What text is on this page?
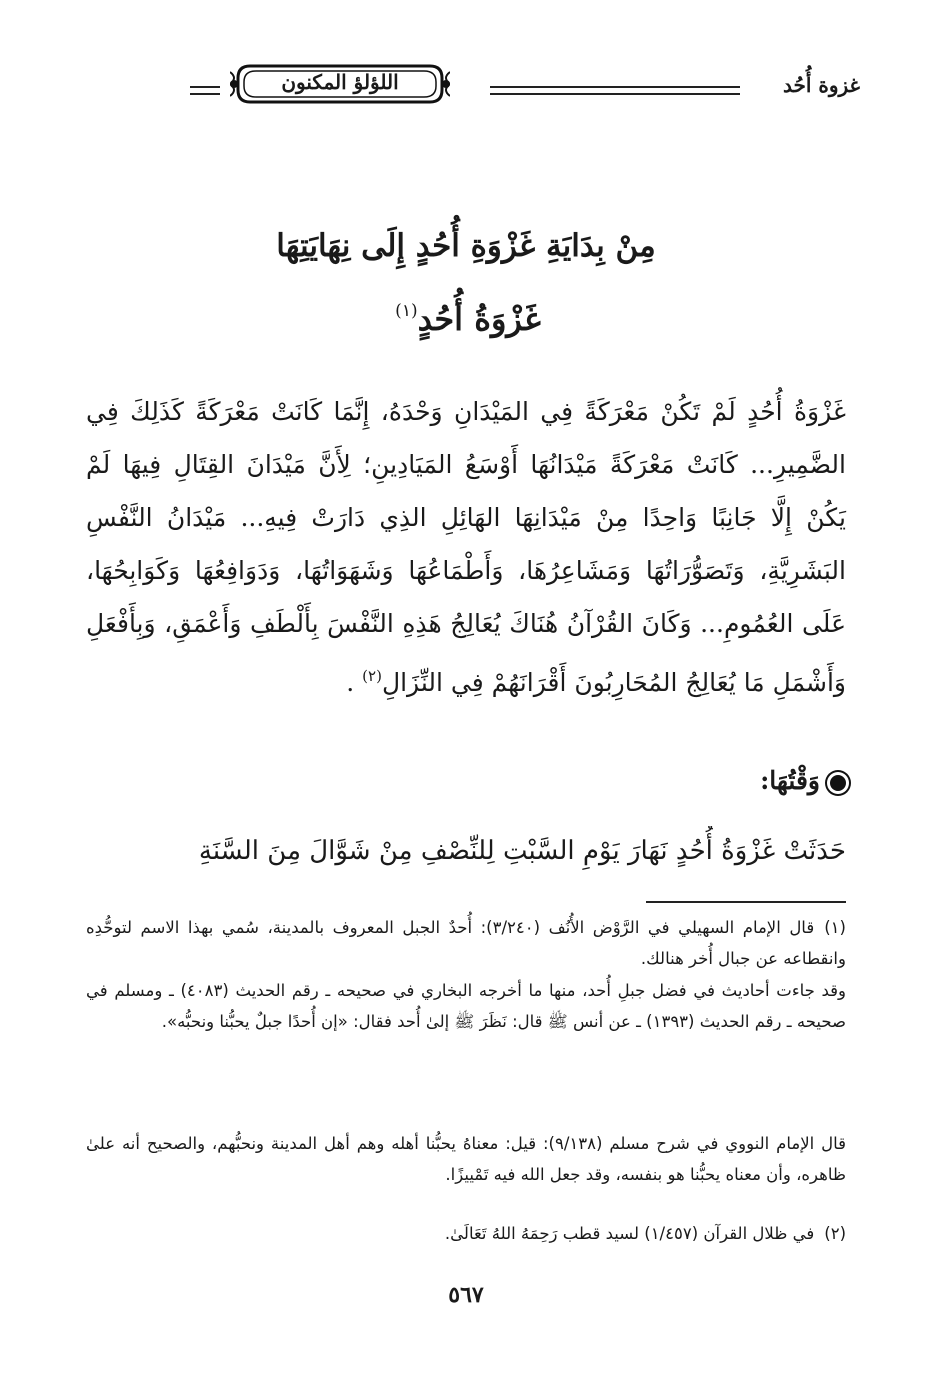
غزوة أُحُد
اللؤلؤ المكنون
مِنْ بِدَايَةِ غَزْوَةِ أُحُدٍ إِلَى نِهَايَتِهَا
غَزْوَةُ أُحُدٍ$^{(١)}$
غَزْوَةُ أُحُدٍ لَمْ تَكُنْ مَعْرَكَةً فِي المَيْدَانِ وَحْدَهُ، إِنَّمَا كَانَتْ مَعْرَكَةً كَذَلِكَ فِي الضَّمِيرِ... كَانَتْ مَعْرَكَةً مَيْدَانُهَا أَوْسَعُ المَيَادِينِ؛ لِأَنَّ مَيْدَانَ القِتَالِ فِيهَا لَمْ يَكُنْ إِلَّا جَانِبًا وَاحِدًا مِنْ مَيْدَانِهَا الهَائِلِ الذِي دَارَتْ فِيهِ... مَيْدَانُ النَّفْسِ البَشَرِيَّةِ، وَتَصَوُّرَاتُهَا وَمَشَاعِرُهَا، وَأَطْمَاعُهَا وَشَهَوَاتُهَا، وَدَوَافِعُهَا وَكَوَابِحُهَا، عَلَى العُمُومِ... وَكَانَ القُرْآنُ هُنَاكَ يُعَالِجُ هَذِهِ النَّفْسَ بِأَلْطَفِ وَأَعْمَقِ، وَبِأَفْعَلِ وَأَشْمَلِ مَا يُعَالِجُ المُحَارِبُونَ أَقْرَانَهُمْ فِي النِّزَالِ$^{(٢)}$ .
وَقْتُهَا:
حَدَثَتْ غَزْوَةُ أُحُدٍ نَهَارَ يَوْمِ السَّبْتِ لِلنِّصْفِ مِنْ شَوَّالَ مِنَ السَّنَةِ
(١)قال الإمام السهيلي في الرَّوْض الأُنُف (٣/٢٤٠): أُحدٌ الجبل المعروف بالمدينة، سُمي بهذا الاسم لتوحُّدِه وانقطاعه عن جبال أُخر هنالك.
وقد جاءت أحاديث في فضل جبلِ أُحد، منها ما أخرجه البخاري في صحيحه ـ رقم الحديث (٤٠٨٣) ـ ومسلم في صحيحه ـ رقم الحديث (١٣٩٣) ـ عن أنس ﷺ قال: نَظَرَ ﷺ إلىٰ أُحد فقال: «إن أُحدًا جبلٌ يحبُّنا ونحبُّه».
قال الإمام النووي في شرح مسلم (٩/١٣٨): قيل: معناهُ يحبُّنا أهله وهم أهل المدينة ونحبُّهم، والصحيح أنه علىٰ ظاهره، وأن معناه يحبُّنا هو بنفسه، وقد جعل الله فيه تَمْييزًا.
(٢)في ظلال القرآن (١/٤٥٧) لسيد قطب رَحِمَهُ اللهُ تَعَالَىٰ.
٥٦٧
